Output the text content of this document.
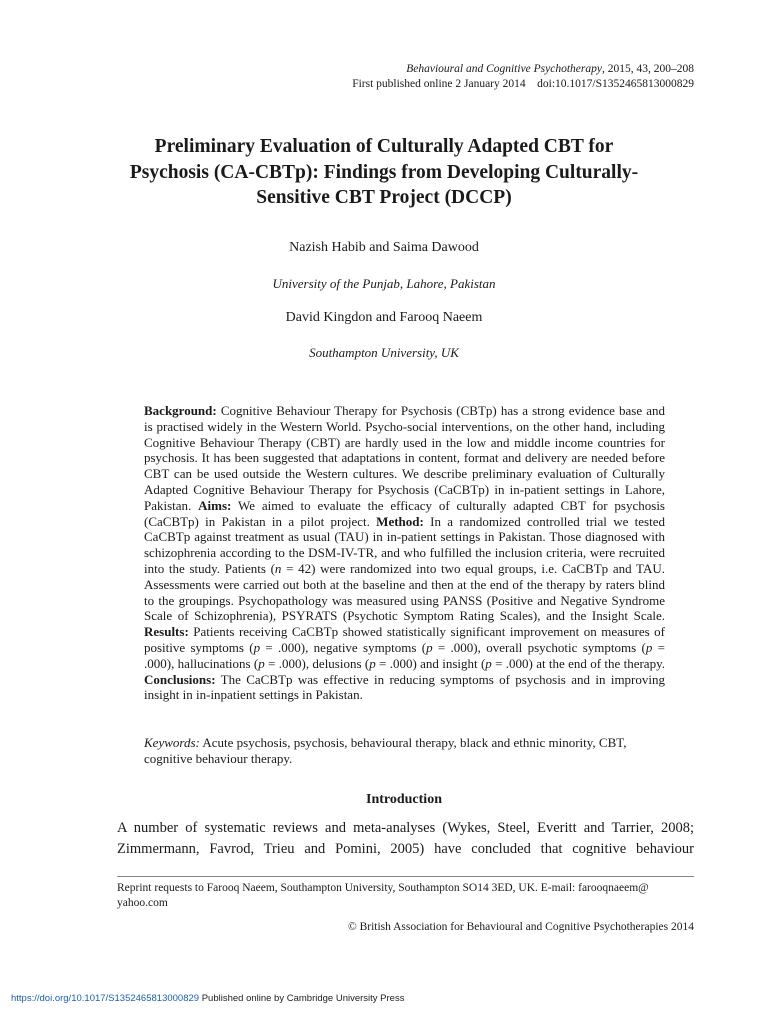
Behavioural and Cognitive Psychotherapy, 2015, 43, 200–208
First published online 2 January 2014 doi:10.1017/S1352465813000829
Preliminary Evaluation of Culturally Adapted CBT for Psychosis (CA-CBTp): Findings from Developing Culturally-Sensitive CBT Project (DCCP)
Nazish Habib and Saima Dawood
University of the Punjab, Lahore, Pakistan
David Kingdon and Farooq Naeem
Southampton University, UK
Background: Cognitive Behaviour Therapy for Psychosis (CBTp) has a strong evidence base and is practised widely in the Western World. Psycho-social interventions, on the other hand, including Cognitive Behaviour Therapy (CBT) are hardly used in the low and middle income countries for psychosis. It has been suggested that adaptations in content, format and delivery are needed before CBT can be used outside the Western cultures. We describe preliminary evaluation of Culturally Adapted Cognitive Behaviour Therapy for Psychosis (CaCBTp) in in-patient settings in Lahore, Pakistan. Aims: We aimed to evaluate the efficacy of culturally adapted CBT for psychosis (CaCBTp) in Pakistan in a pilot project. Method: In a randomized controlled trial we tested CaCBTp against treatment as usual (TAU) in in-patient settings in Pakistan. Those diagnosed with schizophrenia according to the DSM-IV-TR, and who fulfilled the inclusion criteria, were recruited into the study. Patients (n = 42) were randomized into two equal groups, i.e. CaCBTp and TAU. Assessments were carried out both at the baseline and then at the end of the therapy by raters blind to the groupings. Psychopathology was measured using PANSS (Positive and Negative Syndrome Scale of Schizophrenia), PSYRATS (Psychotic Symptom Rating Scales), and the Insight Scale. Results: Patients receiving CaCBTp showed statistically significant improvement on measures of positive symptoms (p = .000), negative symptoms (p = .000), overall psychotic symptoms (p = .000), hallucinations (p = .000), delusions (p = .000) and insight (p = .000) at the end of the therapy. Conclusions: The CaCBTp was effective in reducing symptoms of psychosis and in improving insight in in-inpatient settings in Pakistan.
Keywords: Acute psychosis, psychosis, behavioural therapy, black and ethnic minority, CBT, cognitive behaviour therapy.
Introduction
A number of systematic reviews and meta-analyses (Wykes, Steel, Everitt and Tarrier, 2008; Zimmermann, Favrod, Trieu and Pomini, 2005) have concluded that cognitive behaviour
Reprint requests to Farooq Naeem, Southampton University, Southampton SO14 3ED, UK. E-mail: farooqnaeem@ yahoo.com
© British Association for Behavioural and Cognitive Psychotherapies 2014
https://doi.org/10.1017/S1352465813000829 Published online by Cambridge University Press
